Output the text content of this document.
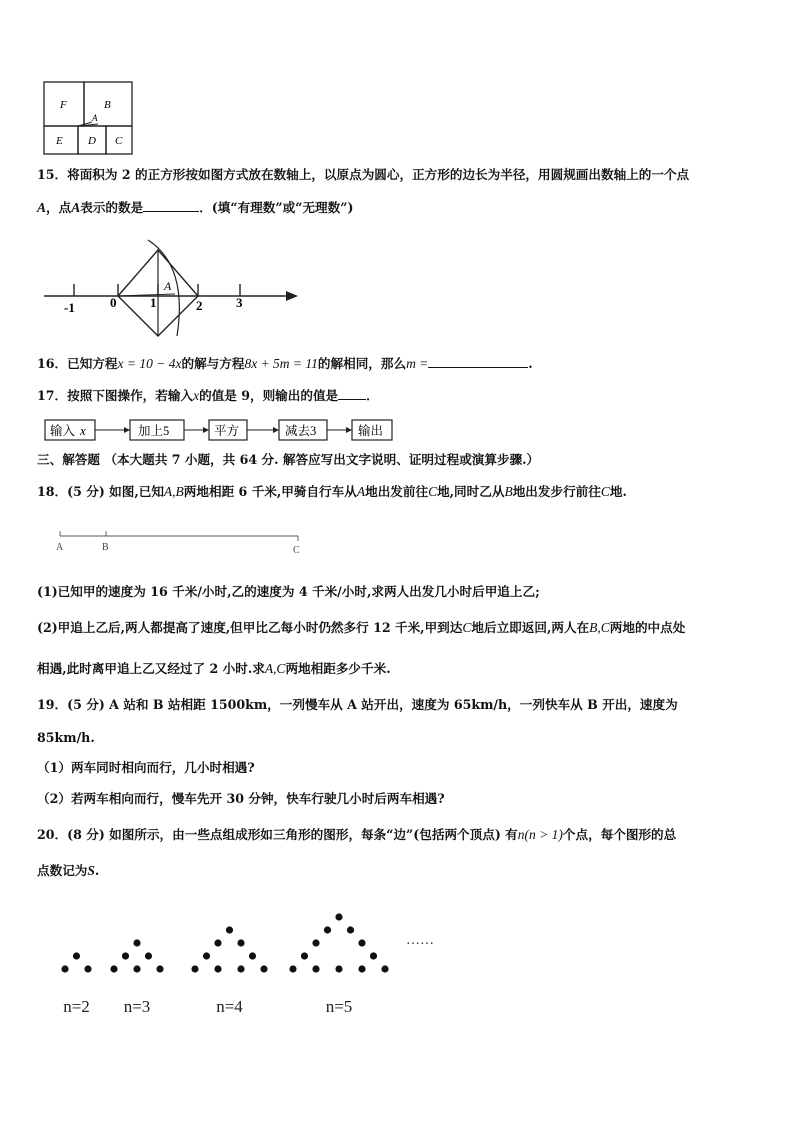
F	B
A
E D C
15．将面积为 2 的正方形按如图方式放在数轴上，以原点为圆心，正方形的边长为半径，用圆规画出数轴上的一个点
A，点A表示的数是	．(填“有理数”或“无理数”)
-1	0	1
A
2	3
16．已知方程x = 10 − 4x的解与方程8x + 5m = 11的解相同，那么m =	.
17．按照下图操作，若输入x的值是 9，则输出的值是 ．
输入 x	加上5	平方	减去3	输出
三、解答题 （本大题共 7 小题，共 64 分. 解答应写出文字说明、证明过程或演算步骤.）
18．(5 分) 如图,已知A,B两地相距 6 千米,甲骑自行车从A地出发前往C地,同时乙从B地出发步行前往C地.
A	B	C
(1)已知甲的速度为 16 千米/小时,乙的速度为 4 千米/小时,求两人出发几小时后甲追上乙;
(2)甲追上乙后,两人都提高了速度,但甲比乙每小时仍然多行 12 千米,甲到达C地后立即返回,两人在B,C两地的中点处
相遇,此时离甲追上乙又经过了 2 小时.求A,C两地相距多少千米.
19．(5 分) A 站和 B 站相距 1500km，一列慢车从 A 站开出，速度为 65km/h，一列快车从 B 开出，速度为
85km/h.
（1）两车同时相向而行，几小时相遇?
（2）若两车相向而行，慢车先开 30 分钟，快车行驶几小时后两车相遇?
20．(8 分) 如图所示，由一些点组成形如三角形的图形，每条“边”(包括两个顶点) 有n(n > 1)个点，每个图形的总
点数记为S.
n=2 n=3	n=4	n=5
……
